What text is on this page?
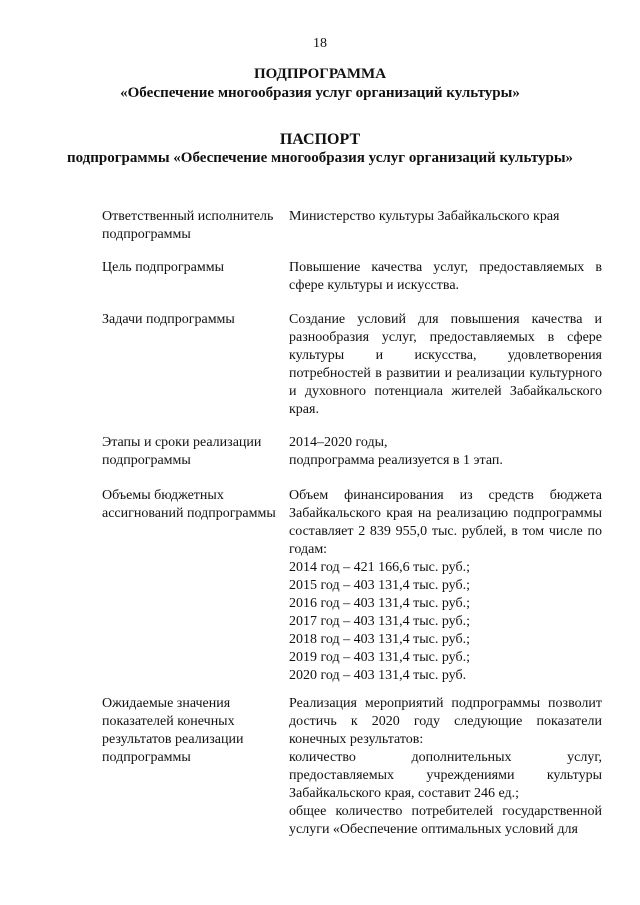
18
ПОДПРОГРАММА
«Обеспечение многообразия услуг организаций культуры»
ПАСПОРТ
подпрограммы «Обеспечение многообразия услуг организаций культуры»
Ответственный исполнитель подпрограммы
Министерство культуры Забайкальского края
Цель подпрограммы	Повышение качества услуг, предоставляемых в сфере культуры и искусства.
Задачи подпрограммы	Создание условий для повышения качества и разнообразия услуг, предоставляемых в сфере культуры и искусства, удовлетворения потребностей в развитии и реализации культурного и духовного потенциала жителей Забайкальского края.
Этапы и сроки реализации подпрограммы
2014–2020 годы,
подпрограмма реализуется в 1 этап.
Объемы бюджетных ассигнований подпрограммы
Объем финансирования из средств бюджета Забайкальского края на реализацию подпрограммы составляет 2 839 955,0 тыс. рублей, в том числе по годам:
2014 год – 421 166,6 тыс. руб.;
2015 год – 403 131,4 тыс. руб.;
2016 год – 403 131,4 тыс. руб.;
2017 год – 403 131,4 тыс. руб.;
2018 год – 403 131,4 тыс. руб.;
2019 год – 403 131,4 тыс. руб.;
2020 год – 403 131,4 тыс. руб.
Ожидаемые значения показателей конечных результатов реализации подпрограммы
Реализация мероприятий подпрограммы позволит достичь к 2020 году следующие показатели конечных результатов:
количество дополнительных услуг, предоставляемых учреждениями культуры Забайкальского края, составит 246 ед.;
общее количество потребителей государственной услуги «Обеспечение оптимальных условий для
